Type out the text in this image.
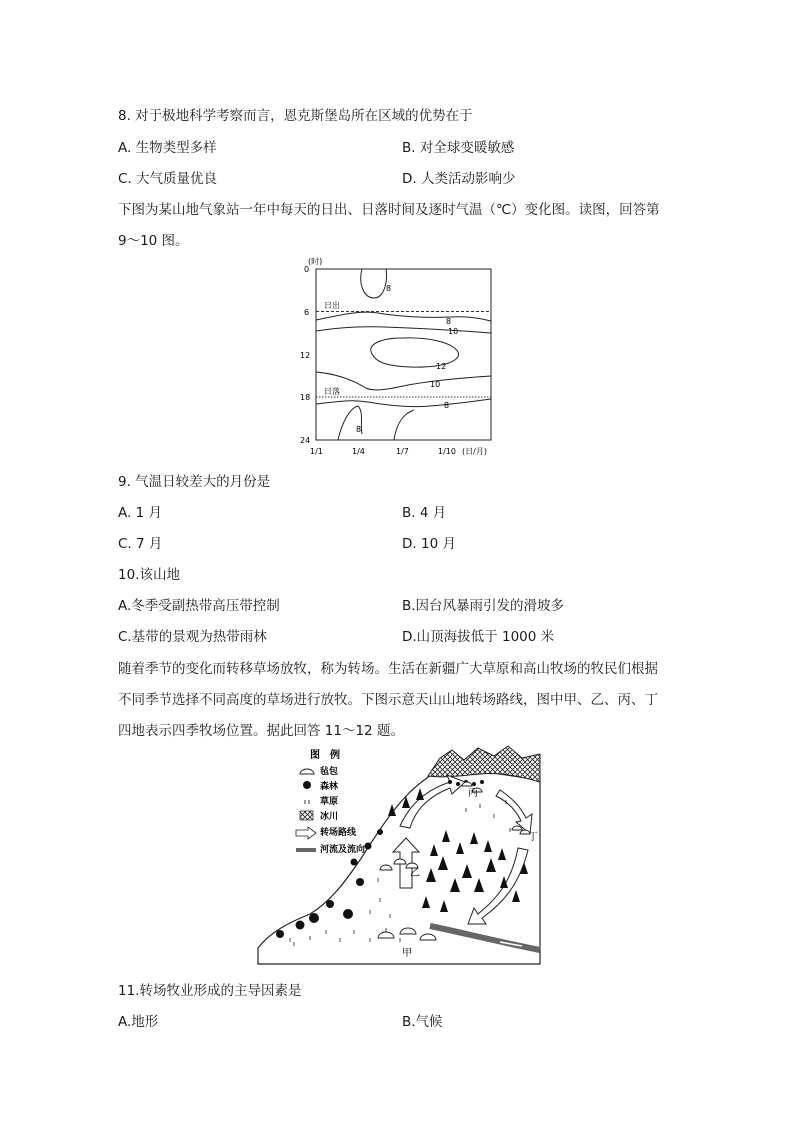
8. 对于极地科学考察而言，恩克斯堡岛所在区域的优势在于
A. 生物类型多样	B. 对全球变暖敏感
C. 大气质量优良	D. 人类活动影响少
下图为某山地气象站一年中每天的日出、日落时间及逐时气温（℃）变化图。读图，回答第
9～10 图。
(时)
0
6
12
18
24
1/1	1/4	1/7	1/10 (日/月)
日出
日落
8
8
10
12
10
8
8
9. 气温日较差大的月份是
A. 1 月	B. 4 月
C. 7 月	D. 10 月
10.该山地
A.冬季受副热带高压带控制	B.因台风暴雨引发的滑坡多
C.基带的景观为热带雨林	D.山顶海拔低于 1000 米
随着季节的变化而转移草场放牧，称为转场。生活在新疆广大草原和高山牧场的牧民们根据
不同季节选择不同高度的草场进行放牧。下图示意天山山地转场路线，图中甲、乙、丙、丁
四地表示四季牧场位置。据此回答 11～12 题。
甲
乙
丙
丁
图　例
毡包
森林
草原
冰川
转场路线
河流及流向
11.转场牧业形成的主导因素是
A.地形	B.气候
